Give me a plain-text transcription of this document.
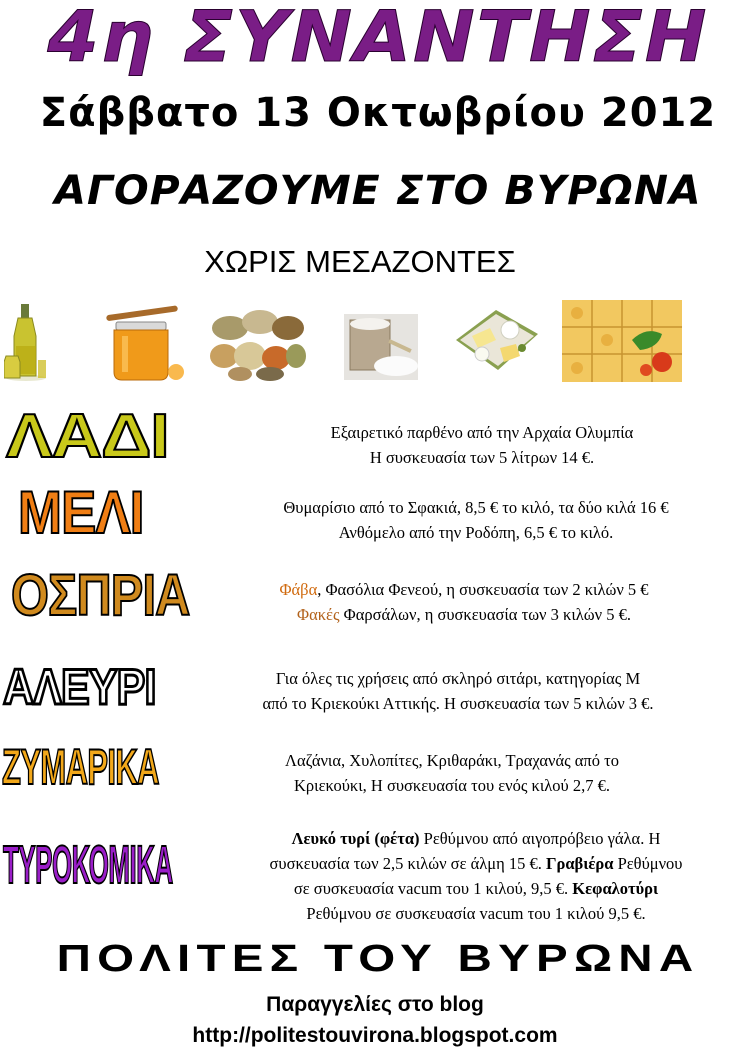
4η ΣΥΝΑΝΤΗΣΗ
Σάββατο 13 Οκτωβρίου 2012
ΑΓΟΡΑΖΟΥΜΕ ΣΤΟ ΒΥΡΩΝΑ
ΧΩΡΙΣ ΜΕΣΑΖΟΝΤΕΣ
ΛΑΔΙ	Εξαιρετικό παρθένο από την Αρχαία Ολυμπία
Η συσκευασία των 5 λίτρων 14 €.
ΜΕΛΙ	Θυμαρίσιο από το Σφακιά, 8,5 € το κιλό, τα δύο κιλά 16 €
Ανθόμελο από την Ροδόπη, 6,5 € το κιλό.
ΟΣΠΡΙΑ	Φάβα, Φασόλια Φενεού, η συσκευασία των 2 κιλών 5 €
Φακές Φαρσάλων, η συσκευασία των 3 κιλών 5 €.
ΑΛΕΥΡΙ	Για όλες τις χρήσεις από σκληρό σιτάρι, κατηγορίας Μ
από το Κριεκούκι Αττικής. Η συσκευασία των 5 κιλών 3 €.
ΖΥΜΑΡΙΚΑ	Λαζάνια, Χυλοπίτες, Κριθαράκι, Τραχανάς από το
Κριεκούκι, Η συσκευασία του ενός κιλού 2,7 €.
ΤΥΡΟΚΟΜΙΚΑ	Λευκό τυρί (φέτα) Ρεθύμνου από αιγοπρόβειο γάλα. Η
συσκευασία των 2,5 κιλών σε άλμη 15 €. Γραβιέρα Ρεθύμνου
σε συσκευασία vacum του 1 κιλού, 9,5 €. Κεφαλοτύρι
Ρεθύμνου σε συσκευασία vacum του 1 κιλού 9,5 €.
ΠΟΛΙΤΕΣ ΤΟΥ ΒΥΡΩΝΑ
Παραγγελίες στο blog
http://politestouvirona.blogspot.com
